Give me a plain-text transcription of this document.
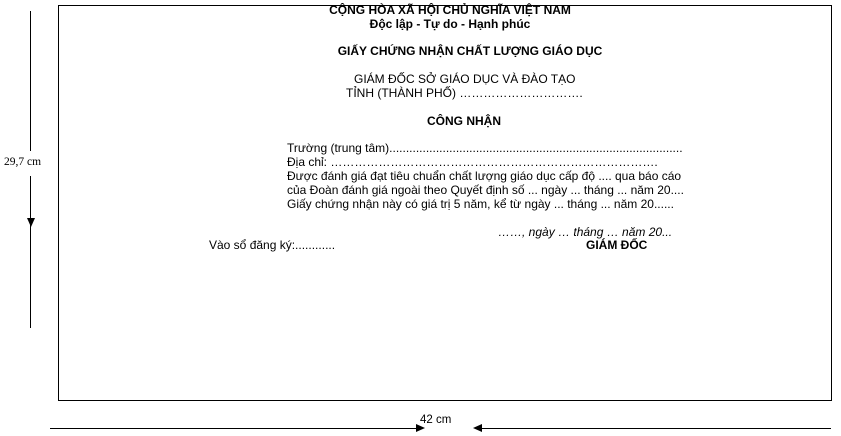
29,7 cm
CỘNG HÒA XÃ HỘI CHỦ NGHĨA VIỆT NAM
Độc lập - Tự do - Hạnh phúc
GIẤY CHỨNG NHẬN CHẤT LƯỢNG GIÁO DỤC
GIÁM ĐỐC SỞ GIÁO DỤC VÀ ĐÀO TẠO
TỈNH (THÀNH PHỐ) ………………………….
CÔNG NHẬN
Trường (trung tâm)........................................................................................
Địa chỉ: ……………………………………………………………………….
Được đánh giá đạt tiêu chuẩn chất lượng giáo dục cấp độ .... qua báo cáo
của Đoàn đánh giá ngoài theo Quyết định số ... ngày ... tháng ... năm 20....
Giấy chứng nhận này có giá trị 5 năm, kể từ ngày ... tháng ... năm 20......
……, ngày … tháng … năm 20...
Vào sổ đăng ký:............	GIÁM ĐỐC
42 cm
